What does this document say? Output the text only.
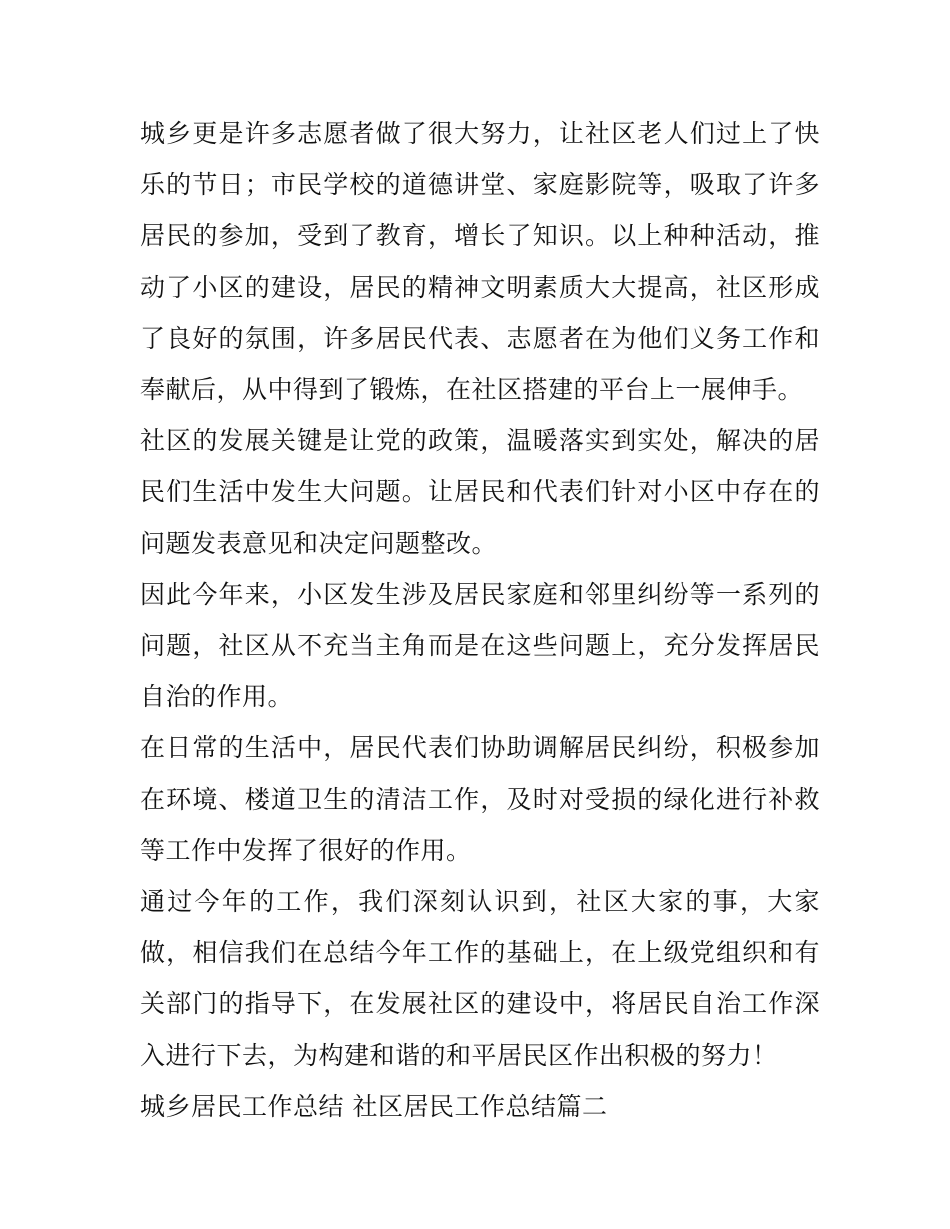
城乡更是许多志愿者做了很大努力，让社区老人们过上了快乐的节日；市民学校的道德讲堂、家庭影院等，吸取了许多居民的参加，受到了教育，增长了知识。以上种种活动，推动了小区的建设，居民的精神文明素质大大提高，社区形成了良好的氛围，许多居民代表、志愿者在为他们义务工作和奉献后，从中得到了锻炼，在社区搭建的平台上一展伸手。

社区的发展关键是让党的政策，温暖落实到实处，解决的居民们生活中发生大问题。让居民和代表们针对小区中存在的问题发表意见和决定问题整改。

因此今年来，小区发生涉及居民家庭和邻里纠纷等一系列的问题，社区从不充当主角而是在这些问题上，充分发挥居民自治的作用。

在日常的生活中，居民代表们协助调解居民纠纷，积极参加在环境、楼道卫生的清洁工作，及时对受损的绿化进行补救等工作中发挥了很好的作用。

通过今年的工作，我们深刻认识到，社区大家的事，大家做，相信我们在总结今年工作的基础上，在上级党组织和有关部门的指导下，在发展社区的建设中，将居民自治工作深入进行下去，为构建和谐的和平居民区作出积极的努力！

城乡居民工作总结 社区居民工作总结篇二
